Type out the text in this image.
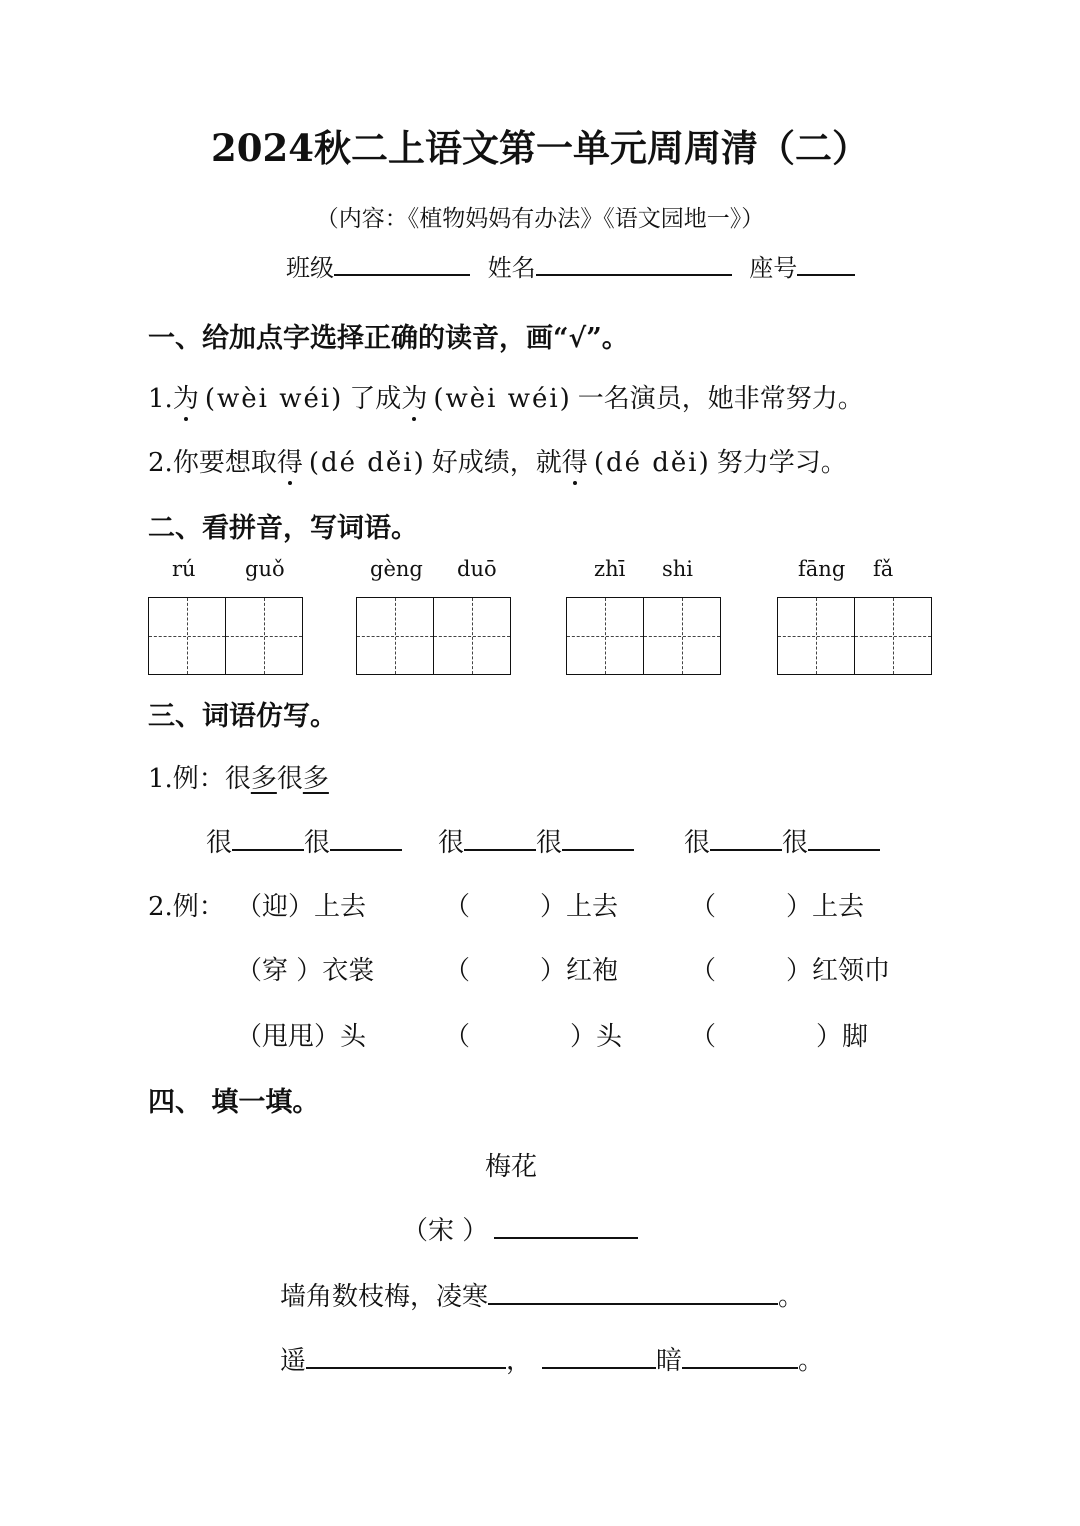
2024秋二上语文第一单元周周清（二）
（内容：《植物妈妈有办法》《语文园地一》）
班级	姓名	座号
一、给加点字选择正确的读音，画“√”。
1.为 (wèi wéi) 了成为 (wèi wéi) 一名演员，她非常努力。
2.你要想取得 (dé děi) 好成绩，就得 (dé děi) 努力学习。
二、看拼音，写词语。
rú guǒ	gèng duō	zhī shi	fāng fǎ
三、词语仿写。
1.例：很多很多
很	很	很	很	很	很
2.例： （迎）上去	（	）上去	（	）上去
（穿 ）衣裳	（	）红袍	（	）红领巾
（甩甩）头	（	）头	（	）脚
四、 填一填。
梅花
（宋 ）
墙角数枝梅，凌寒	。
遥	，	暗	。
